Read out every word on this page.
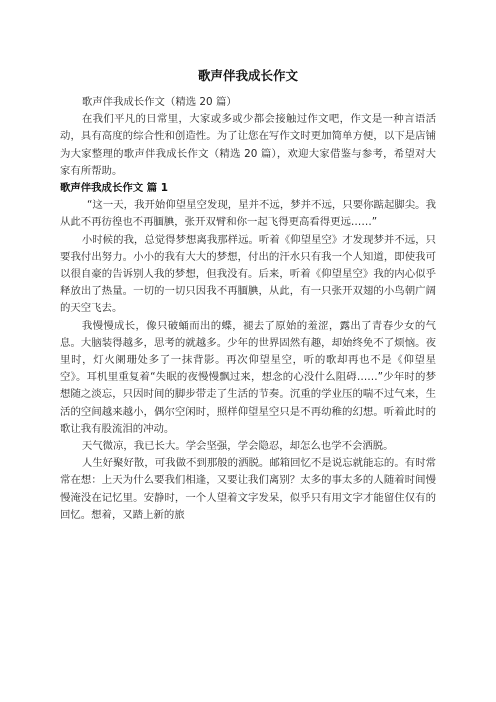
歌声伴我成长作文

歌声伴我成长作文（精选 20 篇）

在我们平凡的日常里，大家或多或少都会接触过作文吧，作文是一种言语活动，具有高度的综合性和创造性。为了让您在写作文时更加简单方便，以下是店铺为大家整理的歌声伴我成长作文（精选 20 篇），欢迎大家借鉴与参考，希望对大家有所帮助。

歌声伴我成长作文 篇 1

“这一天，我开始仰望星空发现，星并不远，梦并不远，只要你踮起脚尖。我从此不再彷徨也不再腼腆，张开双臂和你一起飞得更高看得更远……”

小时候的我，总觉得梦想离我那样远。听着《仰望星空》才发现梦并不远，只要我付出努力。小小的我有大大的梦想，付出的汗水只有我一个人知道，即使我可以很自豪的告诉别人我的梦想，但我没有。后来，听着《仰望星空》我的内心似乎释放出了热量。一切的一切只因我不再腼腆，从此，有一只张开双翅的小鸟朝广阔的天空飞去。

我慢慢成长，像只破蛹而出的蝶，褪去了原始的羞涩，露出了青春少女的气息。大脑装得越多，思考的就越多。少年的世界固然有趣，却始终免不了烦恼。夜里时，灯火阑珊处多了一抹背影。再次仰望星空，听的歌却再也不是《仰望星空》。耳机里重复着“失眠的夜慢慢飘过来，想念的心没什么阻碍……”少年时的梦想随之淡忘，只因时间的脚步带走了生活的节奏。沉重的学业压的喘不过气来，生活的空间越来越小，偶尔空闲时，照样仰望星空只是不再幼稚的幻想。听着此时的歌让我有股流泪的冲动。

天气微凉，我已长大。学会坚强，学会隐忍，却怎么也学不会洒脱。

人生好聚好散，可我做不到那般的洒脱。邮箱回忆不是说忘就能忘的。有时常常在想：上天为什么要我们相逢，又要让我们离别？太多的事太多的人随着时间慢慢淹没在记忆里。安静时，一个人望着文字发呆，似乎只有用文字才能留住仅有的回忆。想着，又踏上新的旅
